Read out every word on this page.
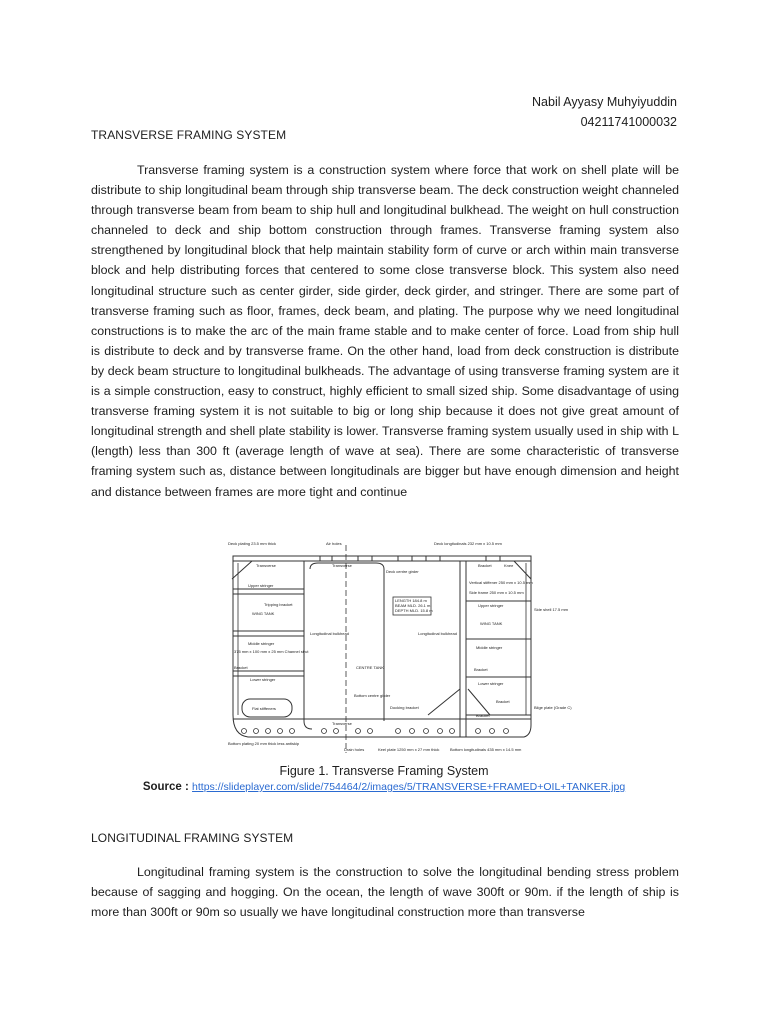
Nabil Ayyasy Muhyiyuddin
04211741000032
TRANSVERSE FRAMING SYSTEM
Transverse framing system is a construction system where force that work on shell plate will be distribute to ship longitudinal beam through ship transverse beam. The deck construction weight channeled through transverse beam from beam to ship hull and longitudinal bulkhead. The weight on hull construction channeled to deck and ship bottom construction through frames. Transverse framing system also strengthened by longitudinal block that help maintain stability form of curve or arch within main transverse block and help distributing forces that centered to some close transverse block. This system also need longitudinal structure such as center girder, side girder, deck girder, and stringer. There are some part of transverse framing such as floor, frames, deck beam, and plating. The purpose why we need longitudinal constructions is to make the arc of the main frame stable and to make center of force. Load from ship hull is distribute to deck and by transverse frame. On the other hand, load from deck construction is distribute by deck beam structure to longitudinal bulkheads. The advantage of using transverse framing system are it is a simple construction, easy to construct, highly efficient to small sized ship. Some disadvantage of using transverse framing system it is not suitable to big or long ship because it does not give great amount of longitudinal strength and shell plate stability is lower. Transverse framing system usually used in ship with L (length) less than 300 ft (average length of wave at sea). There are some characteristic of transverse framing system such as, distance between longitudinals are bigger but have enough dimension and height and distance between frames are more tight and continue
Deck plating 23.5 mm thick	Air holes	Deck longitudinals 232 mm x 10.5 mm
Transverse	Transverse
Deck centre girder
Bracket	Knee
Vertical stiffener 250 mm x 10.5 mm
Side frame 250 mm x 10.5 mm
LENGTH 184.8 m
BEAM MLD. 26.1 m
DEPTH MLD. 15.8 m
Upper stringer
Upper stringer
Tripping bracket
WING TANK
WING TANK
Longitudinal bulkhead	Longitudinal bulkhead
Side shell 17.5 mm
Middle stringer
Middle stringer
375 mm x 100 mm x 25 mm Channel strut
CENTRE TANK
Bracket	Bracket
Lower stringer
Lower stringer
Bottom centre girder
Flat stiffeners	Docking bracket
Bracket
Bilge plate (Grade C)
Transverse
Bracket
Bottom plating 20 mm thick less antiskip
Drain holes	Keel plate 1250 mm x 27 mm thick	Bottom longitudinals 435 mm x 14.5 mm
Figure 1. Transverse Framing System
Source : https://slideplayer.com/slide/754464/2/images/5/TRANSVERSE+FRAMED+OIL+TANKER.jpg
LONGITUDINAL FRAMING SYSTEM
Longitudinal framing system is the construction to solve the longitudinal bending stress problem because of sagging and hogging. On the ocean, the length of wave 300ft or 90m. if the length of ship is more than 300ft or 90m so usually we have longitudinal construction more than transverse
